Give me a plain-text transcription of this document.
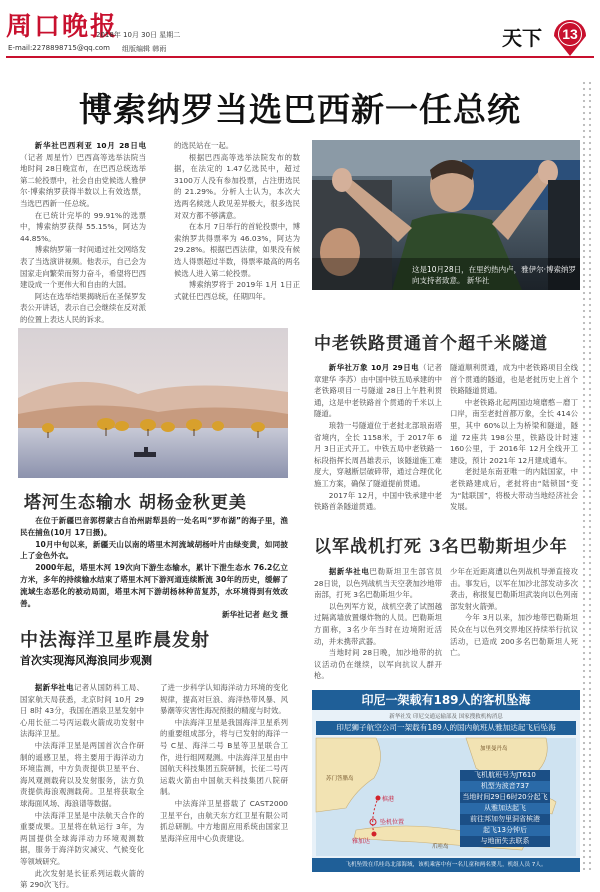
周口晚报
2018年 10月 30日 星期二
E-mail:2278898715@qq.com 组版编辑 韩雨	天下 13
博索纳罗当选巴西新一任总统

新华社巴西利亚 10月 28日电（记者 周星竹）巴西高等选举法院当地时间 28日晚宣布，在巴西总统选举第二轮投票中，社会自由党候选人雅伊尔·博索纳罗获得半数以上有效选票，当选巴西新一任总统。

在已统计完毕的 99.91%的选票中，博索纳罗获得 55.15%，阿达为 44.85%。

博索纳罗第一时间通过社交网络发表了当选演讲视频。他表示，自己会为国家走向繁荣而努力奋斗，希望将巴西建设成一个更伟大和自由的大国。

阿达在选举结果揭晓后在圣保罗发表公开讲话，表示自己会继续在反对派的位置上表达人民的诉求。

的选民站在一起。

根据巴西高等选举法院发布的数据，在法定的 1.47亿选民中，超过 3100万人没有参加投票，占注册选民的 21.29%。分析人士认为，本次大选两名候选人政见差异极大，很多选民对双方都不够满意。

在本月 7日举行的首轮投票中，博索纳罗共得票率为 46.03%，阿达为 29.28%。根据巴西法律，如果没有候选人得票超过半数，得票率最高的两名候选人进入第二轮投票。

博索纳罗将于 2019年 1月 1日正式就任巴西总统，任期四年。

这是10月28日，在里约热内卢，雅伊尔·博索纳罗向支持者致意。 新华社
中老铁路贯通首个超千米隧道

新华社万象 10月 29日电（记者 章建华 李苏）由中国中铁五局承建的中老铁路项目一号隧道 28日上午胜利贯通，这是中老铁路首个贯通的千米以上隧道。

琅勃一号隧道位于老挝北部琅南塔省境内，全长 1158米，于 2017年 6月 3日正式开工。中铁五局中老铁路一标段指挥长周昌雄表示，该隧道施工难度大，穿越断层破碎带，通过合理优化施工方案，确保了隧道提前贯通。

2017年 12月，中国中铁承建中老铁路首条隧道贯通。

隧道顺利贯通，成为中老铁路项目全线首个贯通的隧道，也是老挝历史上首个铁路隧道贯通。

中老铁路北起两国边境磨憨－磨丁口岸，南至老挝首都万象，全长 414公里，其中 60%以上为桥梁和隧道，隧道 72座共 198公里，铁路设计时速 160公里，于 2016年 12月全线开工建设，预计 2021年 12月建成通车。

老挝是东南亚唯一的内陆国家，中老铁路建成后，老挝将由“陆锁国”变为“陆联国”，将极大带动当地经济社会发展。

塔河生态输水 胡杨金秋更美

在位于新疆巴音郭楞蒙古自治州尉犁县的一处名叫“罗布湖”的海子里，渔民在捕鱼(10月 17日摄)。

10月中旬以来，新疆天山以南的塔里木河流域胡杨叶片由绿变黄，如同披上了金色外衣。

2000年起，塔里木河 19次向下游生态输水，累计下泄生态水 76.2亿立方米，多年的持续输水结束了塔里木河下游河道连续断流 30年的历史，缓解了流域生态恶化的被动局面，塔里木河下游胡杨林种苗复苏，水环境得到有效改善。

新华社记者 赵戈 摄

以军战机打死 3名巴勒斯坦少年

据新华社电巴勒斯坦卫生部官员 28日说，以色列战机当天空袭加沙地带南部，打死 3名巴勒斯坦少年。

以色列军方说，战机空袭了试图越过隔离墙放置爆炸物的人员。巴勒斯坦方面称，3名少年当时在边境附近活动，并未携带武器。

当地时间 28日晚，加沙地带的抗议活动仍在继续，以军向抗议人群开枪。

少年在近距离遭以色列战机导弹直接攻击。事发后，以军在加沙北部发动多次袭击，称报复巴勒斯坦武装向以色列南部发射火箭弹。

今年 3月以来，加沙地带巴勒斯坦民众在与以色列交界地区持续举行抗议活动，已造成 200多名巴勒斯坦人死亡。

中法海洋卫星昨晨发射
首次实现海风海浪同步观测

据新华社电记者从国防科工局、国家航天局获悉，北京时间 10月 29日 8时 43分，我国在酒泉卫星发射中心用长征二号丙运载火箭成功发射中法海洋卫星。

中法海洋卫星是两国首次合作研制的遥感卫星，将主要用于海洋动力环境监测，中方负责提供卫星平台、海风观测载荷以及发射服务，法方负责提供海浪观测载荷。卫星将获取全球海面风场、海浪谱等数据。

中法海洋卫星是中法航天合作的重要成果。卫星将在轨运行 3年，为两国提供全球海洋动力环境观测数据，服务于海洋防灾减灾、气候变化等领域研究。

此次发射是长征系列运载火箭的第 290次飞行。

了进一步科学认知海洋动力环境的变化规律，提高对巨浪、海洋热带风暴、风暴潮等灾害性海况预报的精度与时效。

中法海洋卫星是我国海洋卫星系列的重要组成部分，将与已发射的海洋一号 C星、海洋二号 B星等卫星联合工作，进行组网观测。中法海洋卫星由中国航天科技集团五院研制，长征二号丙运载火箭由中国航天科技集团八院研制。

中法海洋卫星搭载了 CAST2000卫星平台，由航天东方红卫星有限公司抓总研制。中方地面应用系统由国家卫星海洋应用中心负责建设。

印尼一架载有189人的客机坠海
新华社发 印尼交通运输部及 国家搜救机构消息
印尼狮子航空公司一架载有189人的国内航班从雅加达起飞后坠海
苏门答腊岛
加里曼丹岛
槟港
坠机位置
雅加达
爪哇岛
飞机航班号为JT610
机型为波音737
当地时间29日6时20分起飞
从雅加达起飞
前往邦加勿里洞省槟港
起飞13分钟后
与地面失去联系
飞机坠毁在爪哇岛北部海域，该机乘客中有一名儿童和两名婴儿，机组人员 7人。
